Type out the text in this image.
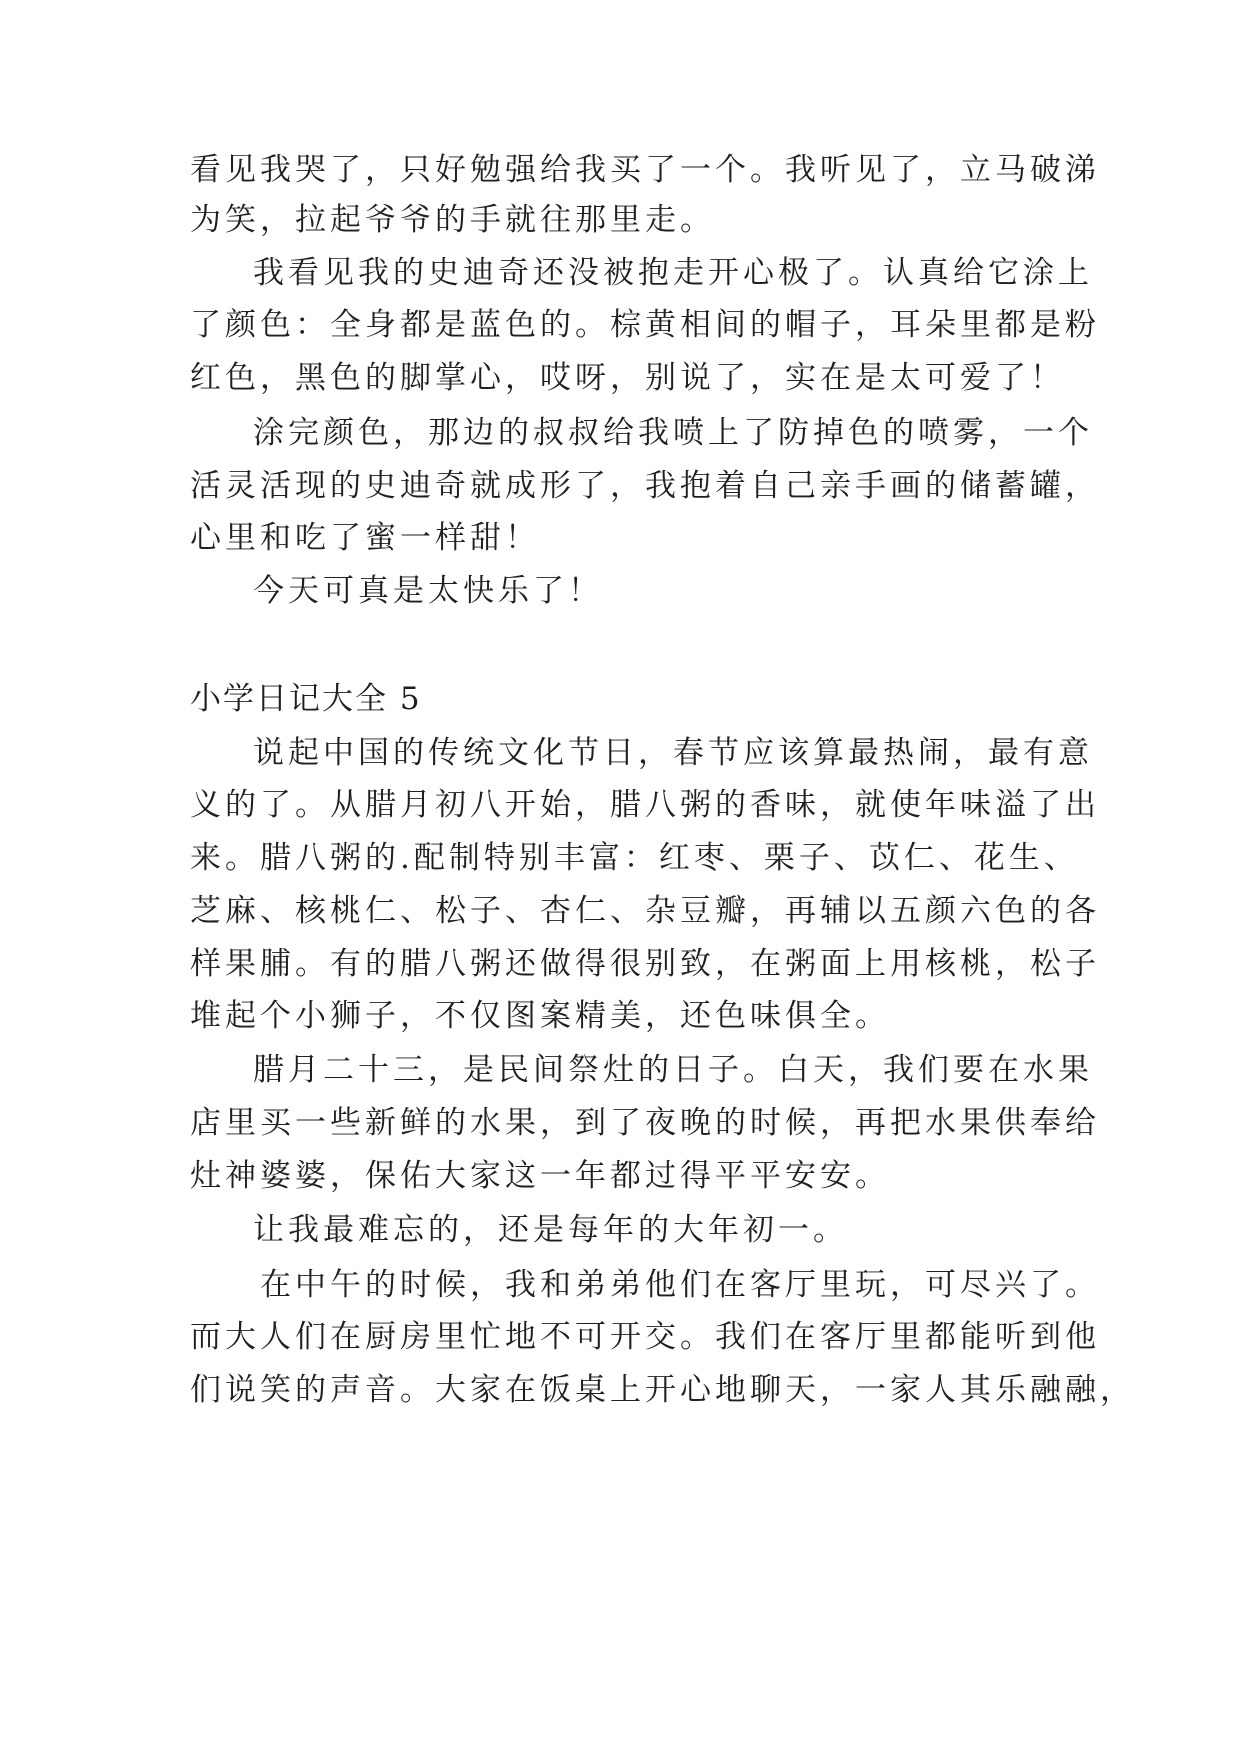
看见我哭了，只好勉强给我买了一个。我听见了，立马破涕
为笑，拉起爷爷的手就往那里走。
我看见我的史迪奇还没被抱走开心极了。认真给它涂上
了颜色：全身都是蓝色的。棕黄相间的帽子，耳朵里都是粉
红色，黑色的脚掌心，哎呀，别说了，实在是太可爱了！
涂完颜色，那边的叔叔给我喷上了防掉色的喷雾，一个
活灵活现的史迪奇就成形了，我抱着自己亲手画的储蓄罐，
心里和吃了蜜一样甜！
今天可真是太快乐了！
小学日记大全 5
说起中国的传统文化节日，春节应该算最热闹，最有意
义的了。从腊月初八开始，腊八粥的香味，就使年味溢了出
来。腊八粥的.配制特别丰富：红枣、栗子、苡仁、花生、
芝麻、核桃仁、松子、杏仁、杂豆瓣，再辅以五颜六色的各
样果脯。有的腊八粥还做得很别致，在粥面上用核桃，松子
堆起个小狮子，不仅图案精美，还色味俱全。
腊月二十三，是民间祭灶的日子。白天，我们要在水果
店里买一些新鲜的水果，到了夜晚的时候，再把水果供奉给
灶神婆婆，保佑大家这一年都过得平平安安。
让我最难忘的，还是每年的大年初一。
在中午的时候，我和弟弟他们在客厅里玩，可尽兴了。
而大人们在厨房里忙地不可开交。我们在客厅里都能听到他
们说笑的声音。大家在饭桌上开心地聊天，一家人其乐融融，
